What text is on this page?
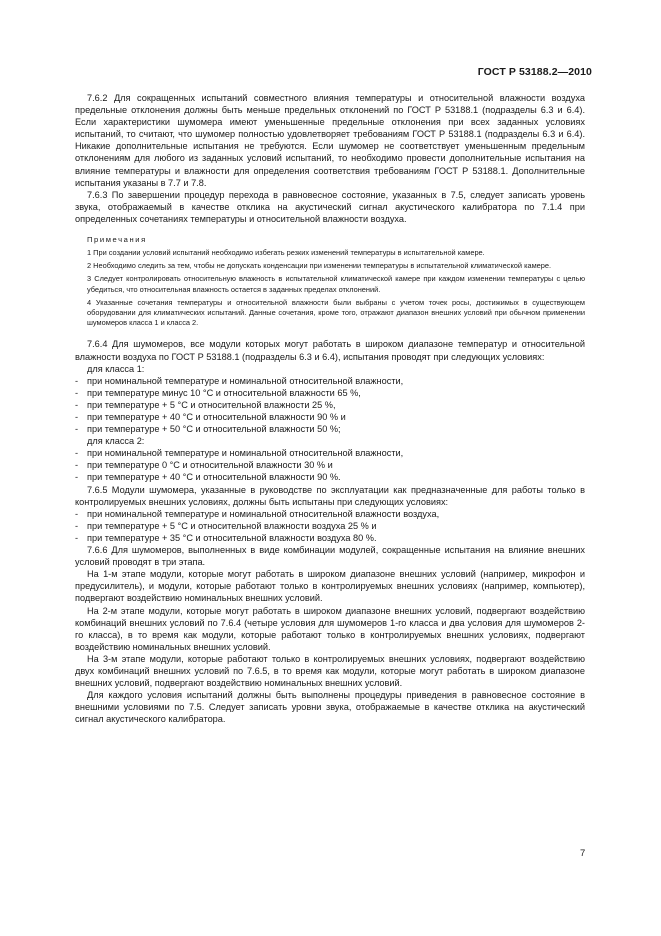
ГОСТ Р 53188.2—2010

7.6.2 Для сокращенных испытаний совместного влияния температуры и относительной влажности воздуха предельные отклонения должны быть меньше предельных отклонений по ГОСТ Р 53188.1 (подразделы 6.3 и 6.4). Если характеристики шумомера имеют уменьшенные предельные отклонения при всех заданных условиях испытаний, то считают, что шумомер полностью удовлетворяет требованиям ГОСТ Р 53188.1 (подразделы 6.3 и 6.4). Никакие дополнительные испытания не требуются. Если шумомер не соответствует уменьшенным предельным отклонениям для любого из заданных условий испытаний, то необходимо провести дополнительные испытания на влияние температуры и влажности для определения соответствия требованиям ГОСТ Р 53188.1. Дополнительные испытания указаны в 7.7 и 7.8.

7.6.3 По завершении процедур перехода в равновесное состояние, указанных в 7.5, следует записать уровень звука, отображаемый в качестве отклика на акустический сигнал акустического калибратора по 7.1.4 при определенных сочетаниях температуры и относительной влажности воздуха.

Примечания

1 При создании условий испытаний необходимо избегать резких изменений температуры в испытательной камере.

2 Необходимо следить за тем, чтобы не допускать конденсации при изменении температуры в испытательной климатической камере.

3 Следует контролировать относительную влажность в испытательной климатической камере при каждом изменении температуры с целью убедиться, что относительная влажность остается в заданных пределах отклонений.

4 Указанные сочетания температуры и относительной влажности были выбраны с учетом точек росы, достижимых в существующем оборудовании для климатических испытаний. Данные сочетания, кроме того, отражают диапазон внешних условий при обычном применении шумомеров класса 1 и класса 2.

7.6.4 Для шумомеров, все модули которых могут работать в широком диапазоне температур и относительной влажности воздуха по ГОСТ Р 53188.1 (подразделы 6.3 и 6.4), испытания проводят при следующих условиях:

для класса 1:

- при номинальной температуре и номинальной относительной влажности,

- при температуре минус 10 °С и относительной влажности 65 %,

- при температуре + 5 °С и относительной влажности 25 %,

- при температуре + 40 °С и относительной влажности 90 % и

- при температуре + 50 °С и относительной влажности 50 %;

для класса 2:

- при номинальной температуре и номинальной относительной влажности,

- при температуре 0 °С и относительной влажности 30 % и

- при температуре + 40 °С и относительной влажности 90 %.

7.6.5 Модули шумомера, указанные в руководстве по эксплуатации как предназначенные для работы только в контролируемых внешних условиях, должны быть испытаны при следующих условиях:

- при номинальной температуре и номинальной относительной влажности воздуха,

- при температуре + 5 °С и относительной влажности воздуха 25 % и

- при температуре + 35 °С и относительной влажности воздуха 80 %.

7.6.6 Для шумомеров, выполненных в виде комбинации модулей, сокращенные испытания на влияние внешних условий проводят в три этапа.

На 1-м этапе модули, которые могут работать в широком диапазоне внешних условий (например, микрофон и предусилитель), и модули, которые работают только в контролируемых внешних условиях (например, компьютер), подвергают воздействию номинальных внешних условий.

На 2-м этапе модули, которые могут работать в широком диапазоне внешних условий, подвергают воздействию комбинаций внешних условий по 7.6.4 (четыре условия для шумомеров 1-го класса и два условия для шумомеров 2-го класса), в то время как модули, которые работают только в контролируемых внешних условиях, подвергают воздействию номинальных внешних условий.

На 3-м этапе модули, которые работают только в контролируемых внешних условиях, подвергают воздействию двух комбинаций внешних условий по 7.6.5, в то время как модули, которые могут работать в широком диапазоне внешних условий, подвергают воздействию номинальных внешних условий.

Для каждого условия испытаний должны быть выполнены процедуры приведения в равновесное состояние в внешними условиями по 7.5. Следует записать уровни звука, отображаемые в качестве отклика на акустический сигнал акустического калибратора.

7
